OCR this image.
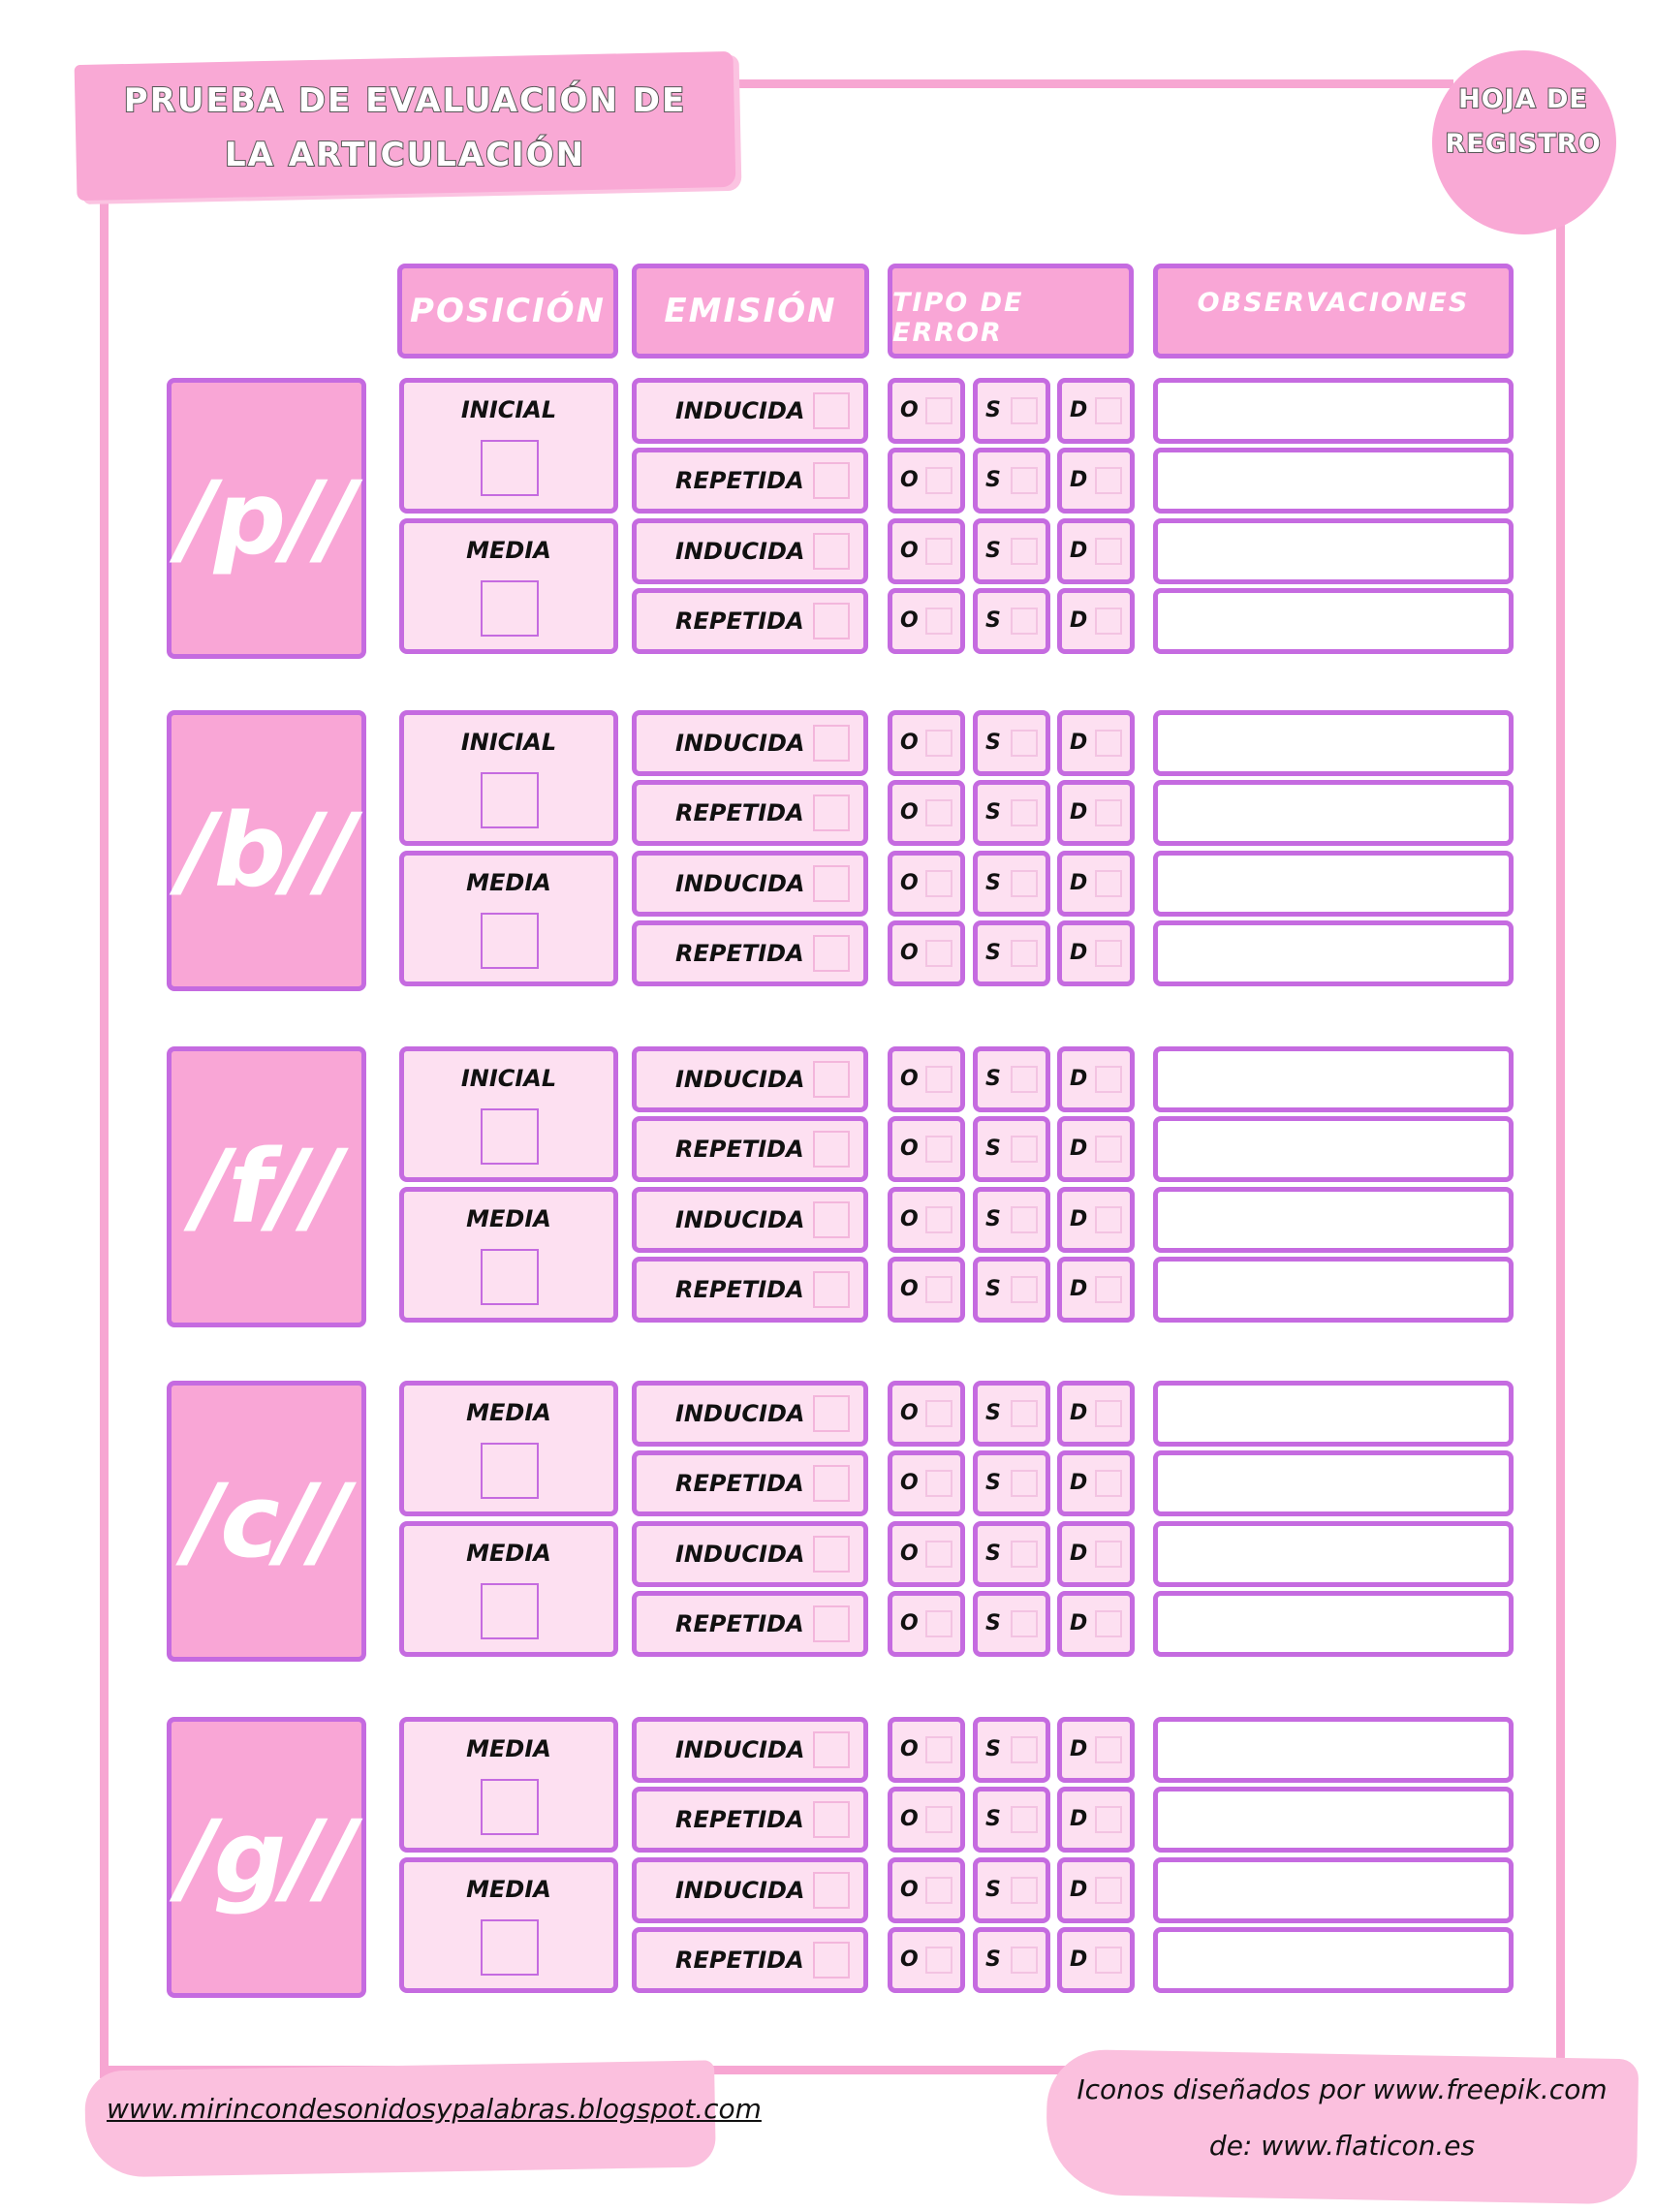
PRUEBA DE EVALUACIÓN DE
LA ARTICULACIÓN
HOJA DE
REGISTRO
POSICIÓN	EMISIÓN	TIPO DE ERROR
OBSERVACIONES
/p//
INICIAL	INDUCIDA	O	S	D
REPETIDA	O	S	D
MEDIA	INDUCIDA	O	S	D
REPETIDA	O	S	D
/b//
INICIAL	INDUCIDA	O	S	D
REPETIDA	O	S	D
MEDIA	INDUCIDA	O	S	D
REPETIDA	O	S	D
/f//
INICIAL	INDUCIDA	O	S	D
REPETIDA	O	S	D
MEDIA	INDUCIDA	O	S	D
REPETIDA	O	S	D
/c//
MEDIA	INDUCIDA	O	S	D
REPETIDA	O	S	D
MEDIA	INDUCIDA	O	S	D
REPETIDA	O	S	D
/g//
MEDIA	INDUCIDA	O	S	D
REPETIDA	O	S	D
MEDIA	INDUCIDA	O	S	D
REPETIDA	O	S	D
www.mirincondesonidosypalabras.blogspot.com
Iconos diseñados por www.freepik.com
de: www.flaticon.es
